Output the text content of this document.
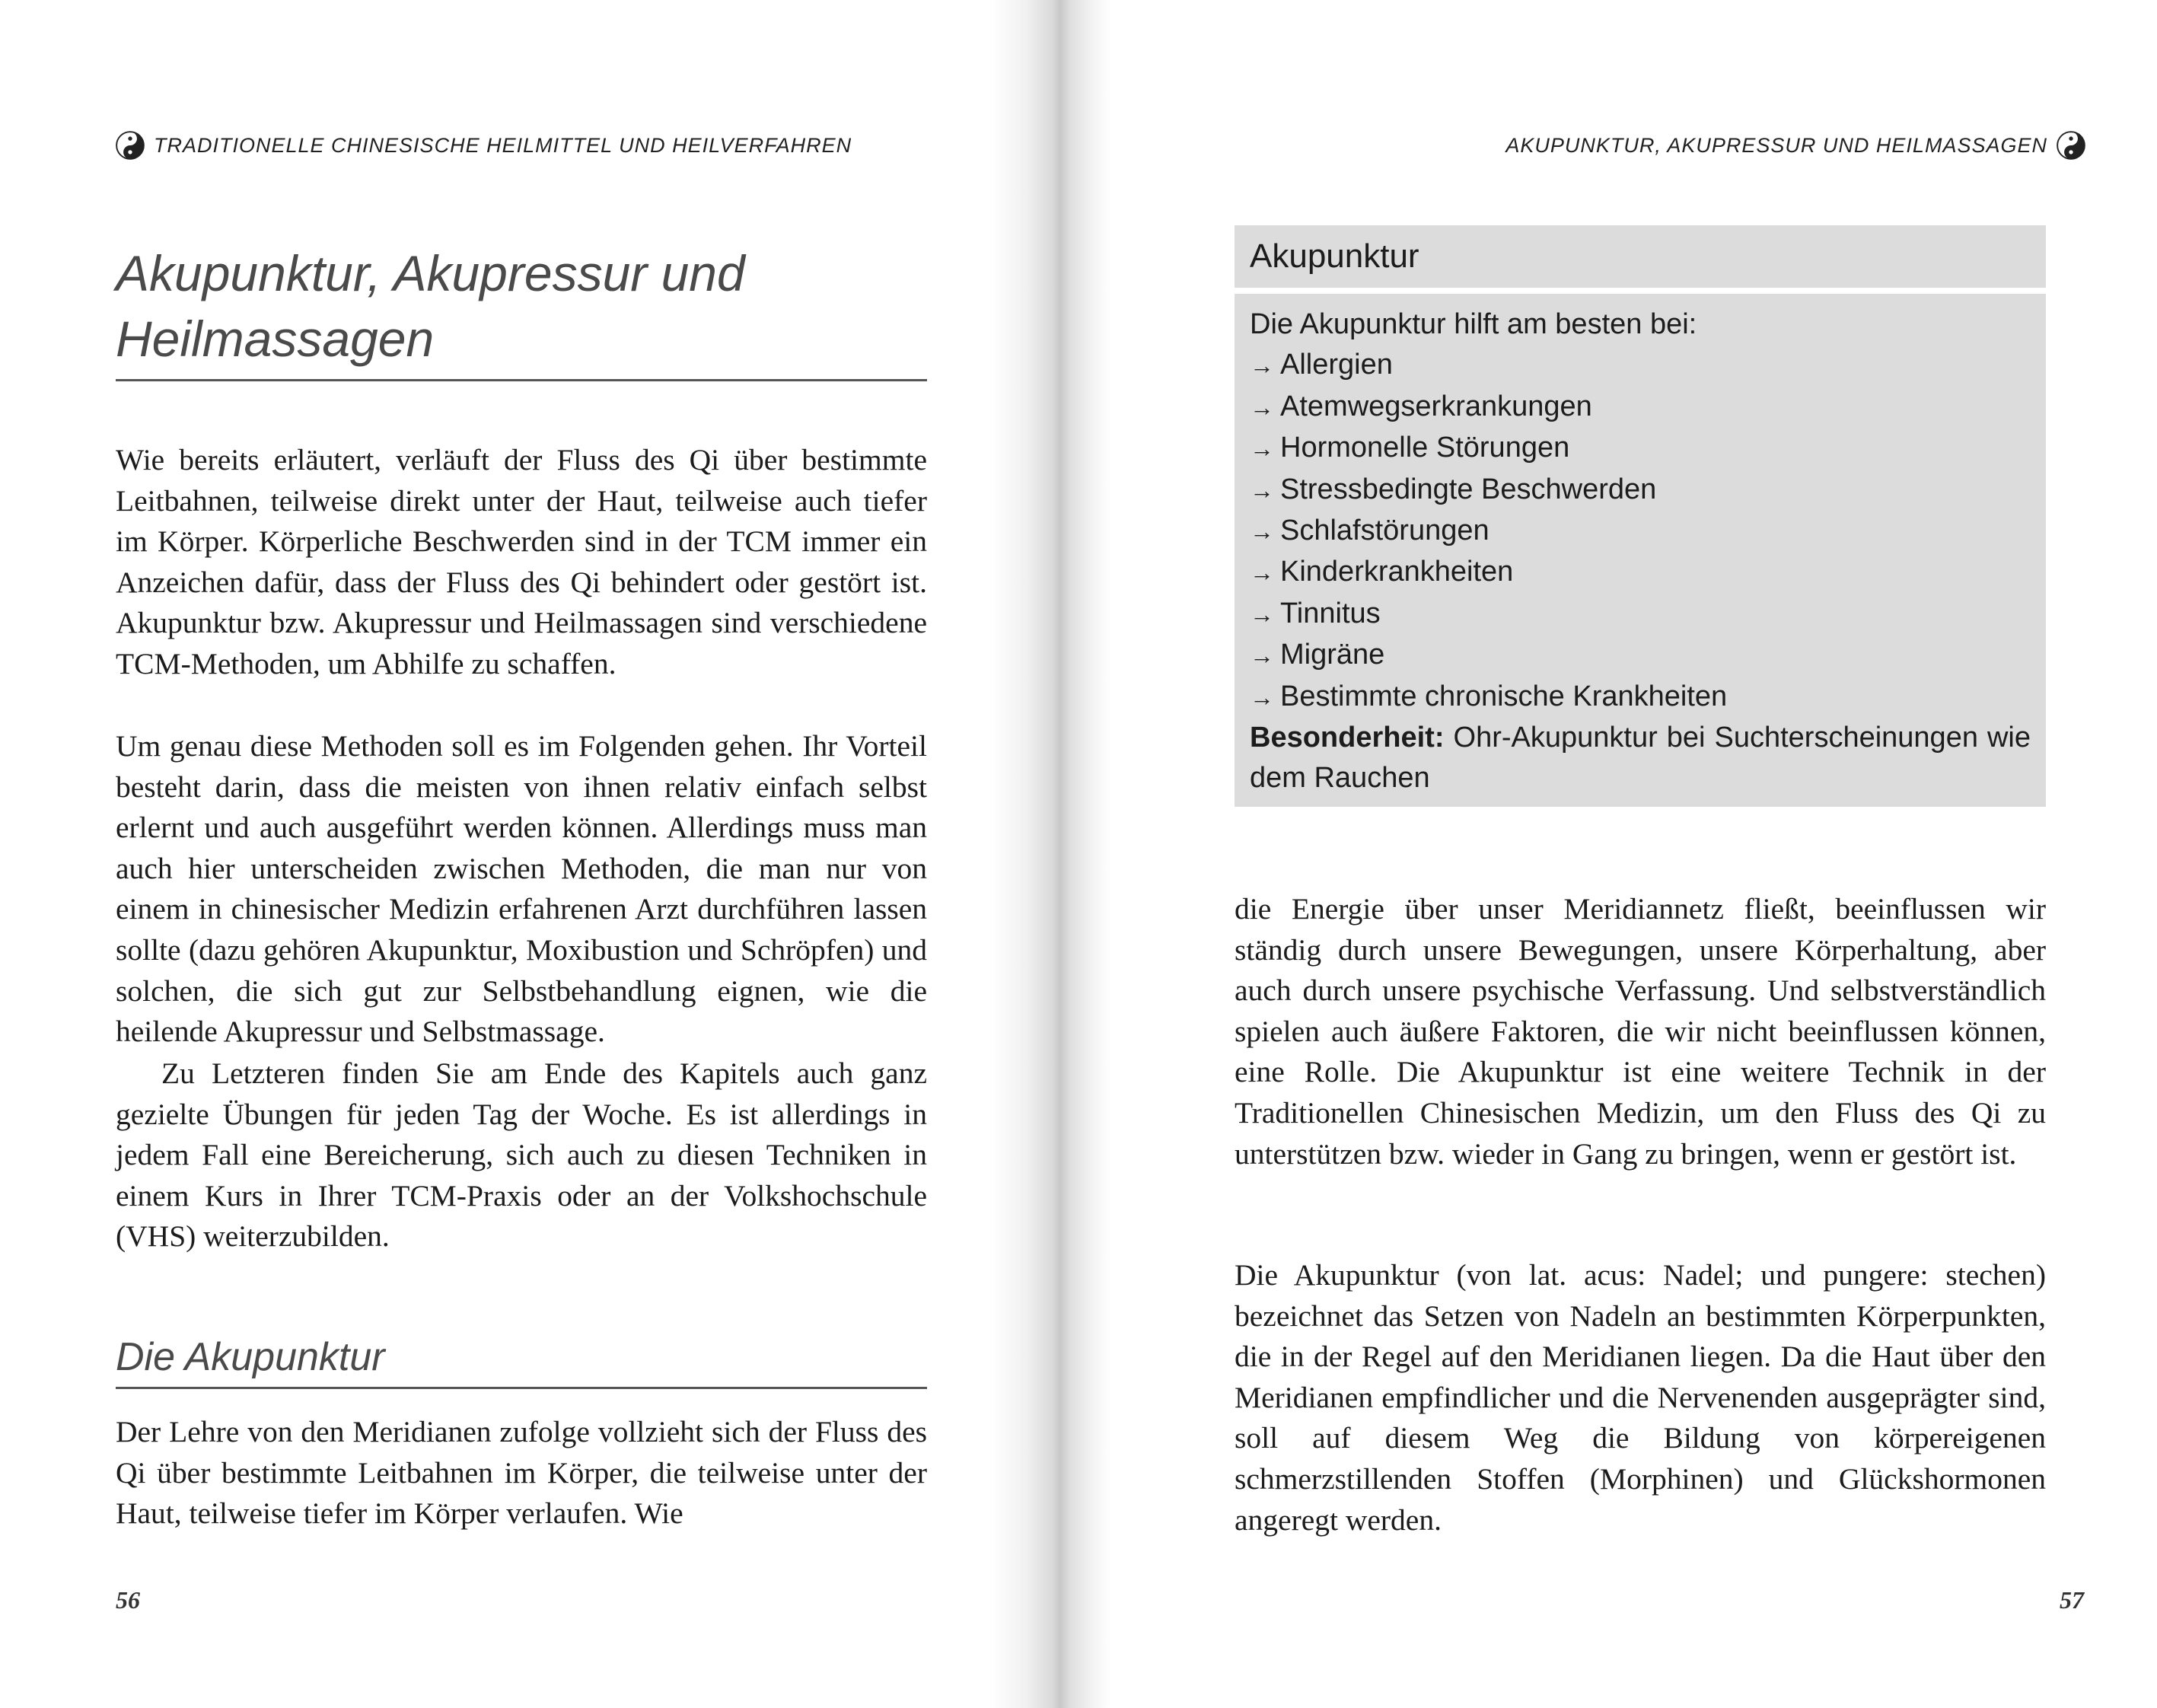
TRADITIONELLE CHINESISCHE HEILMITTEL UND HEILVERFAHREN
Akupunktur, Akupressur und Heilmassagen

Wie bereits erläutert, verläuft der Fluss des Qi über bestimmte Leitbahnen, teilweise direkt unter der Haut, teilweise auch tiefer im Körper. Körperliche Beschwerden sind in der TCM immer ein Anzeichen dafür, dass der Fluss des Qi behindert oder gestört ist. Akupunktur bzw. Akupressur und Heilmassagen sind verschiedene TCM-Methoden, um Abhilfe zu schaffen.

Um genau diese Methoden soll es im Folgenden gehen. Ihr Vorteil besteht darin, dass die meisten von ihnen relativ einfach selbst erlernt und auch ausgeführt werden können. Allerdings muss man auch hier unterscheiden zwischen Methoden, die man nur von einem in chinesischer Medizin erfahrenen Arzt durchführen lassen sollte (dazu gehören Akupunktur, Moxibustion und Schröpfen) und solchen, die sich gut zur Selbstbehandlung eignen, wie die heilende Akupressur und Selbstmassage.

Zu Letzteren finden Sie am Ende des Kapitels auch ganz gezielte Übungen für jeden Tag der Woche. Es ist allerdings in jedem Fall eine Bereicherung, sich auch zu diesen Techniken in einem Kurs in Ihrer TCM-Praxis oder an der Volkshochschule (VHS) weiterzubilden.

Die Akupunktur

Der Lehre von den Meridianen zufolge vollzieht sich der Fluss des Qi über bestimmte Leitbahnen im Körper, die teilweise unter der Haut, teilweise tiefer im Körper verlaufen. Wie

56
AKUPUNKTUR, AKUPRESSUR UND HEILMASSAGEN
Akupunktur
Die Akupunktur hilft am besten bei:
→ Allergien
→ Atemwegserkrankungen
→ Hormonelle Störungen
→ Stressbedingte Beschwerden
→ Schlafstörungen
→ Kinderkrankheiten
→ Tinnitus
→ Migräne
→ Bestimmte chronische Krankheiten
Besonderheit: Ohr-Akupunktur bei Suchterscheinungen wie dem Rauchen

die Energie über unser Meridiannetz fließt, beeinflussen wir ständig durch unsere Bewegungen, unsere Körperhaltung, aber auch durch unsere psychische Verfassung. Und selbstverständlich spielen auch äußere Faktoren, die wir nicht beeinflussen können, eine Rolle. Die Akupunktur ist eine weitere Technik in der Traditionellen Chinesischen Medizin, um den Fluss des Qi zu unterstützen bzw. wieder in Gang zu bringen, wenn er gestört ist.

Die Akupunktur (von lat. acus: Nadel; und pungere: stechen) bezeichnet das Setzen von Nadeln an bestimmten Körperpunkten, die in der Regel auf den Meridianen liegen. Da die Haut über den Meridianen empfindlicher und die Nervenenden ausgeprägter sind, soll auf diesem Weg die Bildung von körpereigenen schmerzstillenden Stoffen (Morphinen) und Glückshormonen angeregt werden.

57
